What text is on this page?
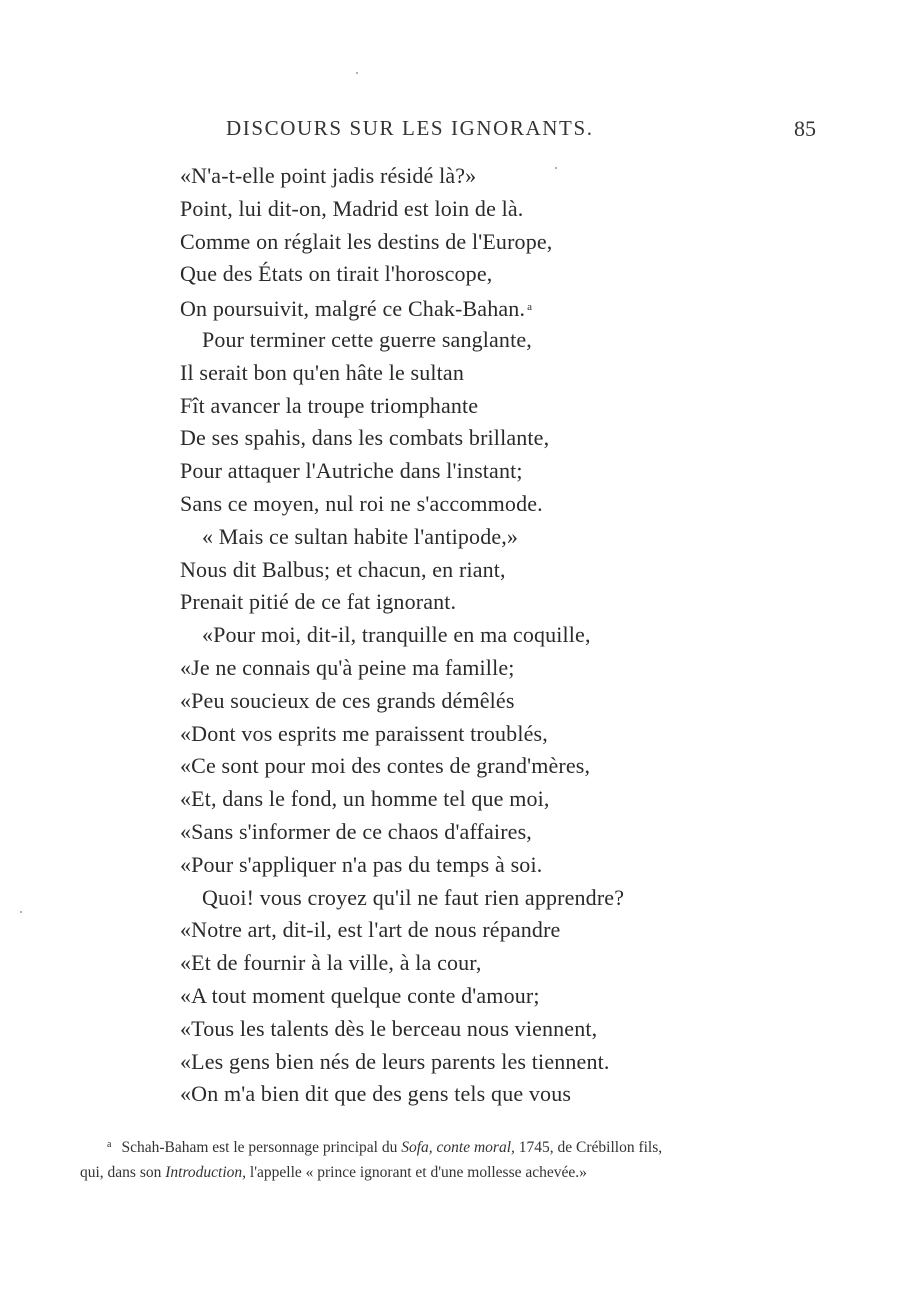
DISCOURS SUR LES IGNORANTS.	85
«N'a-t-elle point jadis résidé là?»
Point, lui dit-on, Madrid est loin de là.
Comme on réglait les destins de l'Europe,
Que des États on tirait l'horoscope,
On poursuivit, malgré ce Chak-Bahan. $^a$
Pour terminer cette guerre sanglante,
Il serait bon qu'en hâte le sultan
Fît avancer la troupe triomphante
De ses spahis, dans les combats brillante,
Pour attaquer l'Autriche dans l'instant;
Sans ce moyen, nul roi ne s'accommode.
« Mais ce sultan habite l'antipode,»
Nous dit Balbus; et chacun, en riant,
Prenait pitié de ce fat ignorant.
«Pour moi, dit-il, tranquille en ma coquille,
«Je ne connais qu'à peine ma famille;
«Peu soucieux de ces grands démêlés
«Dont vos esprits me paraissent troublés,
«Ce sont pour moi des contes de grand'mères,
«Et, dans le fond, un homme tel que moi,
«Sans s'informer de ce chaos d'affaires,
«Pour s'appliquer n'a pas du temps à soi.
Quoi! vous croyez qu'il ne faut rien apprendre?
«Notre art, dit-il, est l'art de nous répandre
«Et de fournir à la ville, à la cour,
«A tout moment quelque conte d'amour;
«Tous les talents dès le berceau nous viennent,
«Les gens bien nés de leurs parents les tiennent.
«On m'a bien dit que des gens tels que vous
$^a$ Schah-Baham est le personnage principal du Sofa, conte moral, 1745, de Crébillon fils,
qui, dans son Introduction, l'appelle « prince ignorant et d'une mollesse achevée.»
